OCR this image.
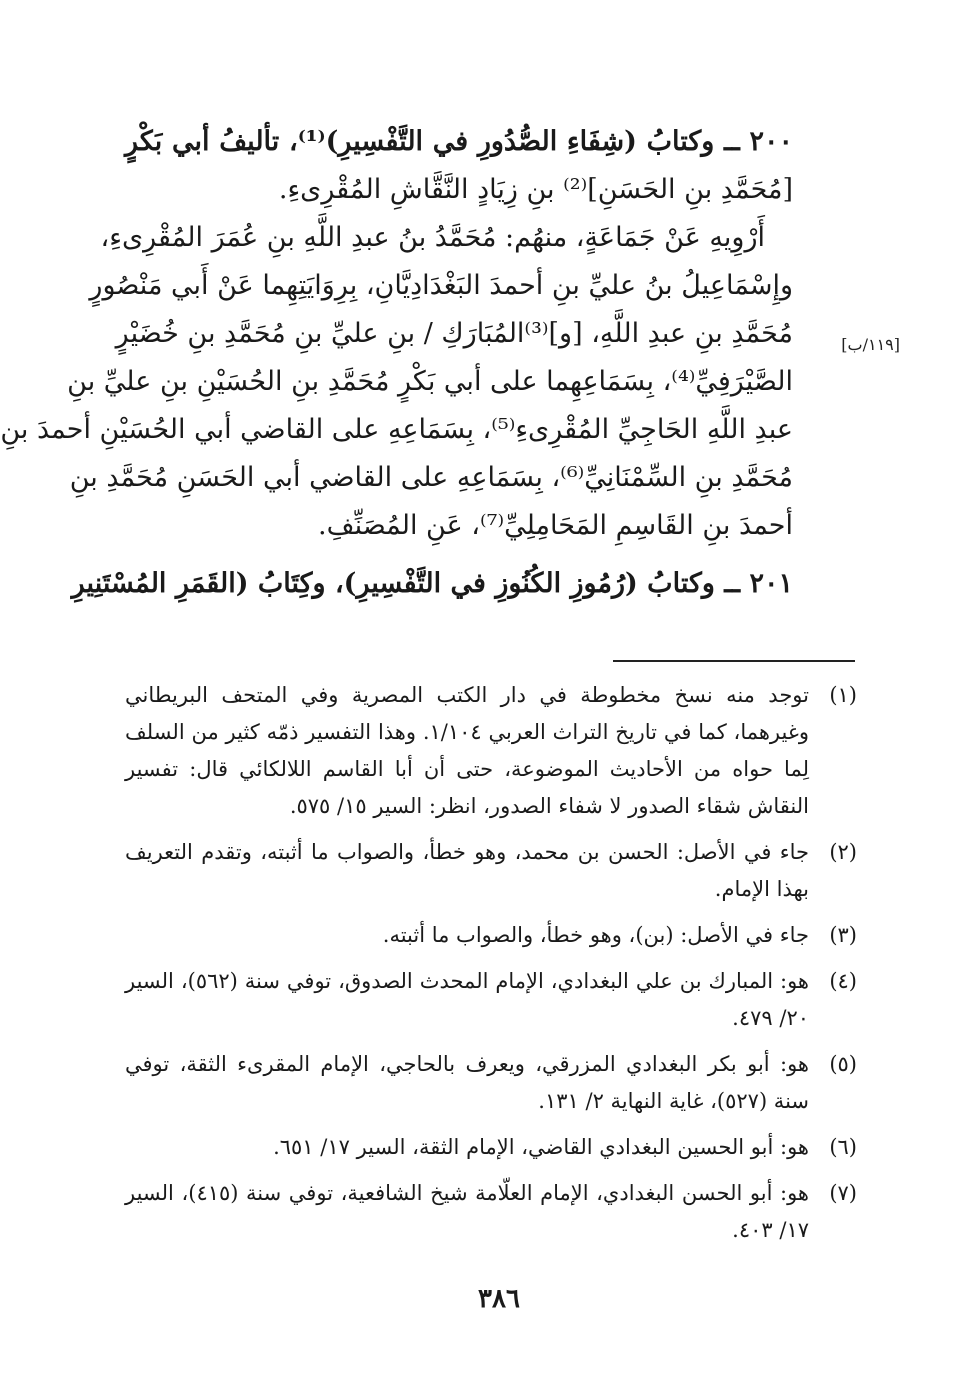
٢٠٠ ــ وكتابُ (شِفَاءِ الصُّدُورِ في التَّفْسِيرِ)⁽¹⁾، تأليفُ أبي بَكْرٍ
[مُحَمَّدِ بنِ الحَسَنِ]⁽²⁾ بنِ زِيَادٍ النَّقَّاشِ المُقْرِىءِ.
أَرْوِيهِ عَنْ جَمَاعَةٍ، منهُم: مُحَمَّدُ بنُ عبدِ اللَّهِ بنِ عُمَرَ المُقْرِىءِ،
وإِسْمَاعِيلُ بنُ عليِّ بنِ أحمدَ البَغْدَادِيَّانِ، بِرِوَايَتِهِما عَنْ أَبي مَنْصُورٍ
مُحَمَّدِ بنِ عبدِ اللَّهِ، [و]⁽³⁾المُبَارَكِ / بنِ عليِّ بنِ مُحَمَّدِ بنِ خُضَيْرٍ
الصَّيْرَفِيِّ⁽⁴⁾، بِسَمَاعِهِما على أبي بَكْرٍ مُحَمَّدِ بنِ الحُسَيْنِ بنِ عليِّ بنِ
عبدِ اللَّهِ الحَاجِيِّ المُقْرِىءِ⁽⁵⁾، بِسَمَاعِهِ على القاضي أبي الحُسَيْنِ أحمدَ بنِ
مُحَمَّدِ بنِ السِّمْنَانِيِّ⁽⁶⁾، بِسَمَاعِهِ على القاضي أبي الحَسَنِ مُحَمَّدِ بنِ
أحمدَ بنِ القَاسِمِ المَحَامِلِيِّ⁽⁷⁾، عَنِ المُصَنِّفِ.
٢٠١ ــ وكتابُ (رُمُوزِ الكُنُوزِ في التَّفْسِيرِ)، وكِتَابُ (القَمَرِ المُسْتَنِيرِ
[١١٩/ب]
(١)
توجد منه نسخ مخطوطة في دار الكتب المصرية وفي المتحف البريطاني وغيرهما، كما في تاريخ التراث العربي ١/١٠٤. وهذا التفسير ذمّه كثير من السلف لِما حواه من الأحاديث الموضوعة، حتى أن أبا القاسم اللالكائي قال: تفسير النقاش شقاء الصدور لا شفاء الصدور، انظر: السير ١٥/ ٥٧٥.
(٢)
جاء في الأصل: الحسن بن محمد، وهو خطأ، والصواب ما أثبته، وتقدم التعريف بهذا الإمام.
(٣)
جاء في الأصل: (بن)، وهو خطأ، والصواب ما أثبته.
(٤)
هو: المبارك بن علي البغدادي، الإمام المحدث الصدوق، توفي سنة (٥٦٢)، السير ٢٠/ ٤٧٩.
(٥)
هو: أبو بكر البغدادي المزرقي، ويعرف بالحاجي، الإمام المقرىء الثقة، توفي سنة (٥٢٧)، غاية النهاية ٢/ ١٣١.
(٦)
هو: أبو الحسين البغدادي القاضي، الإمام الثقة، السير ١٧/ ٦٥١.
(٧)
هو: أبو الحسن البغدادي، الإمام العلّامة شيخ الشافعية، توفي سنة (٤١٥)، السير ١٧/ ٤٠٣.
٣٨٦
